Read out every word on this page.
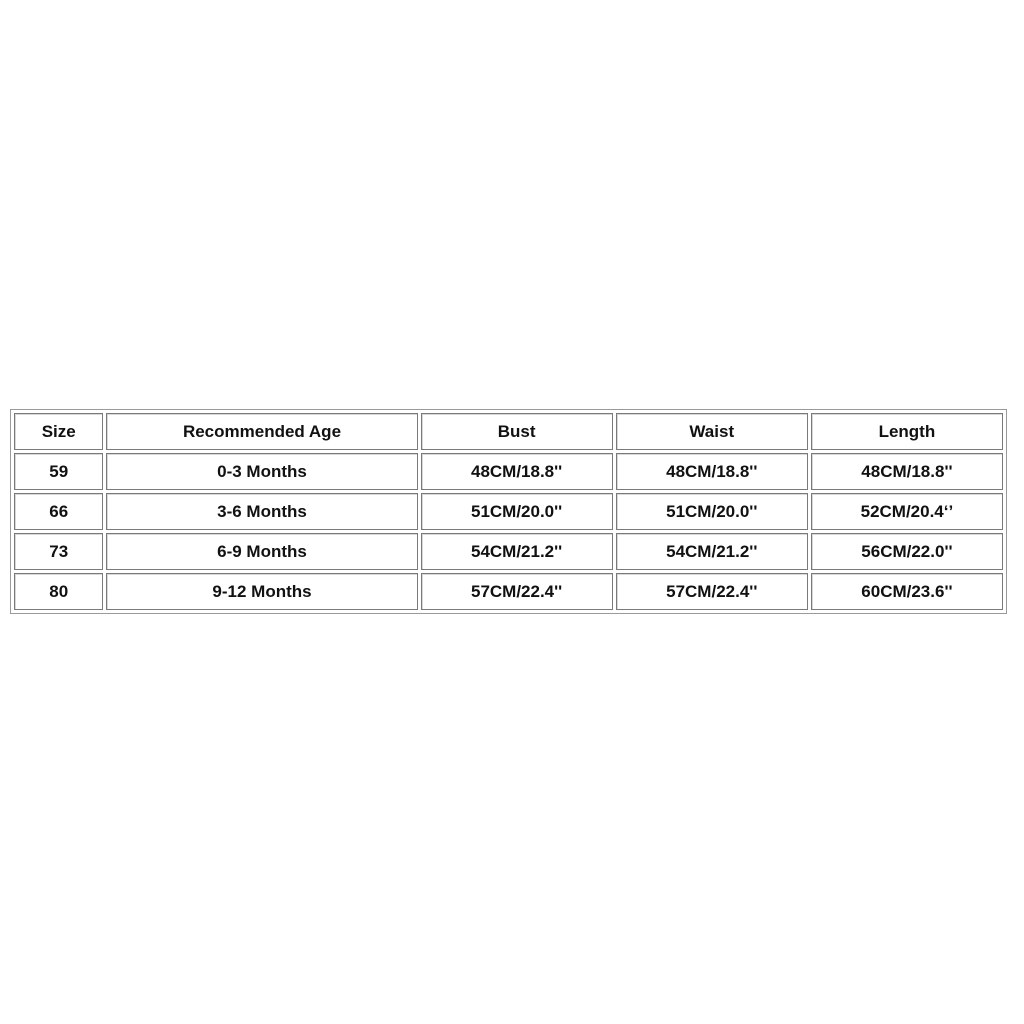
Size	Recommended Age	Bust	Waist	Length
59	0-3 Months	48CM/18.8''	48CM/18.8''	48CM/18.8''
66	3-6 Months	51CM/20.0''	51CM/20.0''	52CM/20.4‘’
73	6-9 Months	54CM/21.2''	54CM/21.2''	56CM/22.0''
80	9-12 Months	57CM/22.4''	57CM/22.4''	60CM/23.6''
